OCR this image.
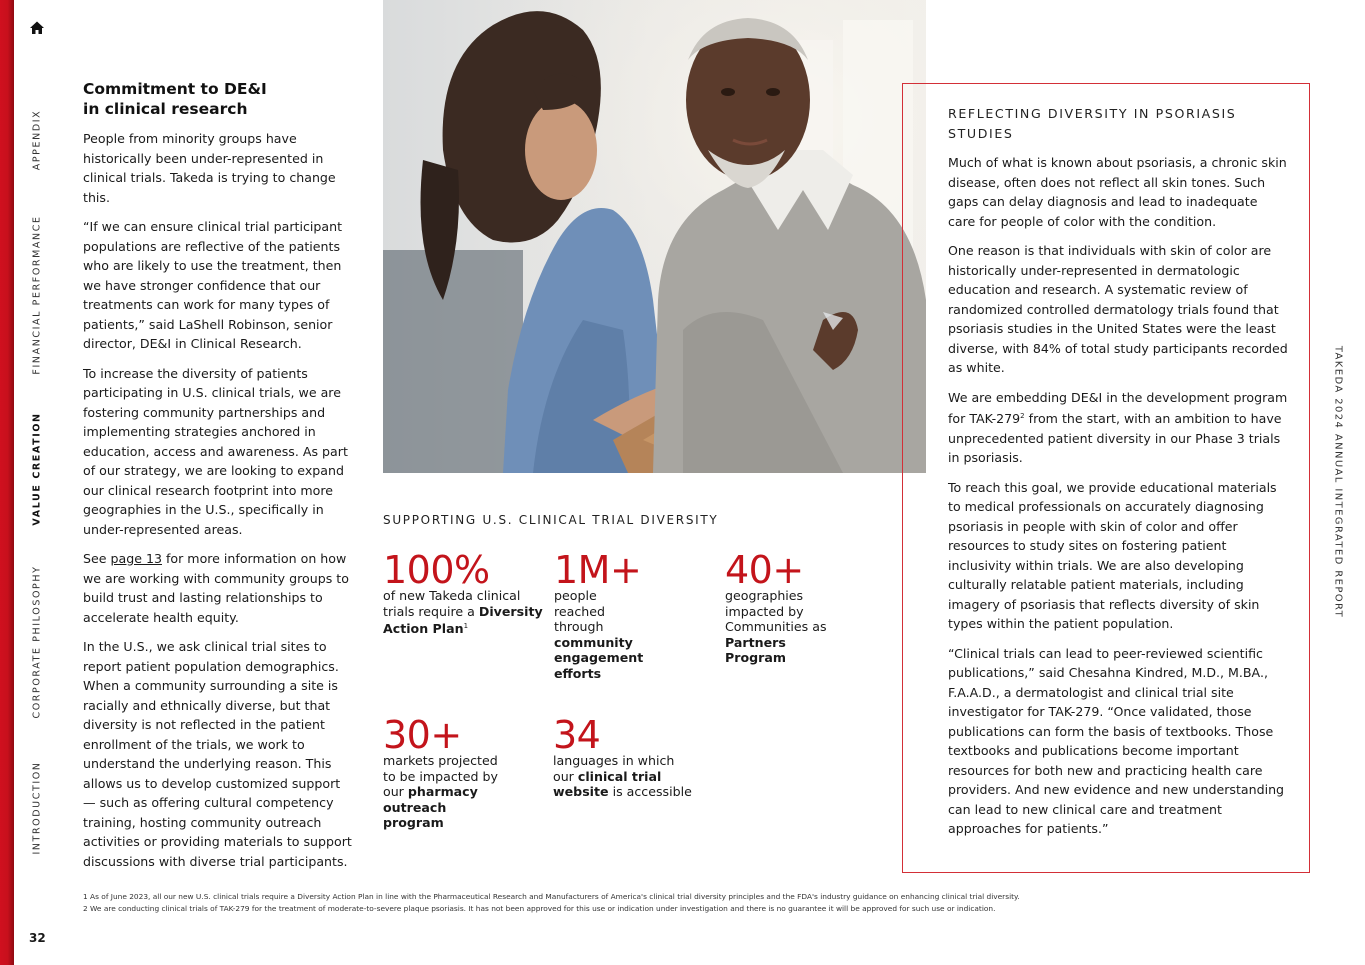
APPENDIX
FINANCIAL PERFORMANCE
VALUE CREATION
CORPORATE PHILOSOPHY
INTRODUCTION
32
TAKEDA 2024 ANNUAL INTEGRATED REPORT
Commitment to DE&I
in clinical research

People from minority groups have historically been under-represented in clinical trials. Takeda is trying to change this.

“If we can ensure clinical trial participant populations are reflective of the patients who are likely to use the treatment, then we have stronger confidence that our treatments can work for many types of patients,” said LaShell Robinson, senior director, DE&I in Clinical Research.

To increase the diversity of patients participating in U.S. clinical trials, we are fostering community partnerships and implementing strategies anchored in education, access and awareness. As part of our strategy, we are looking to expand our clinical research footprint into more geographies in the U.S., specifically in under-represented areas.

See page 13 for more information on how we are working with community groups to build trust and lasting relationships to accelerate health equity.

In the U.S., we ask clinical trial sites to report patient population demographics. When a community surrounding a site is racially and ethnically diverse, but that diversity is not reflected in the patient enrollment of the trials, we work to understand the underlying reason. This allows us to develop customized support — such as offering cultural competency training, hosting community outreach activities or providing materials to support discussions with diverse trial participants.

SUPPORTING U.S. CLINICAL TRIAL DIVERSITY
100%
of new Takeda clinical trials require a Diversity Action Plan$^1$
1M+
people reached through community engagement efforts
40+
geographies impacted by Communities as Partners Program
30+
markets projected to be impacted by our pharmacy outreach program
34
languages in which our clinical trial website is accessible
REFLECTING DIVERSITY IN PSORIASIS STUDIES

Much of what is known about psoriasis, a chronic skin disease, often does not reflect all skin tones. Such gaps can delay diagnosis and lead to inadequate care for people of color with the condition.

One reason is that individuals with skin of color are historically under-represented in dermatologic education and research. A systematic review of randomized controlled dermatology trials found that psoriasis studies in the United States were the least diverse, with 84% of total study participants recorded as white.

We are embedding DE&I in the development program for TAK-$279^2$ from the start, with an ambition to have unprecedented patient diversity in our Phase 3 trials in psoriasis.

To reach this goal, we provide educational materials to medical professionals on accurately diagnosing psoriasis in people with skin of color and offer resources to study sites on fostering patient inclusivity within trials. We are also developing culturally relatable patient materials, including imagery of psoriasis that reflects diversity of skin types within the patient population.

“Clinical trials can lead to peer-reviewed scientific publications,” said Chesahna Kindred, M.D., M.BA., F.A.A.D., a dermatologist and clinical trial site investigator for TAK-279. “Once validated, those publications can form the basis of textbooks. Those textbooks and publications become important resources for both new and practicing health care providers. And new evidence and new understanding can lead to new clinical care and treatment approaches for patients.”

1 As of June 2023, all our new U.S. clinical trials require a Diversity Action Plan in line with the Pharmaceutical Research and Manufacturers of America's clinical trial diversity principles and the FDA's industry guidance on enhancing clinical trial diversity.
2 We are conducting clinical trials of TAK-279 for the treatment of moderate-to-severe plaque psoriasis. It has not been approved for this use or indication under investigation and there is no guarantee it will be approved for such use or indication.
